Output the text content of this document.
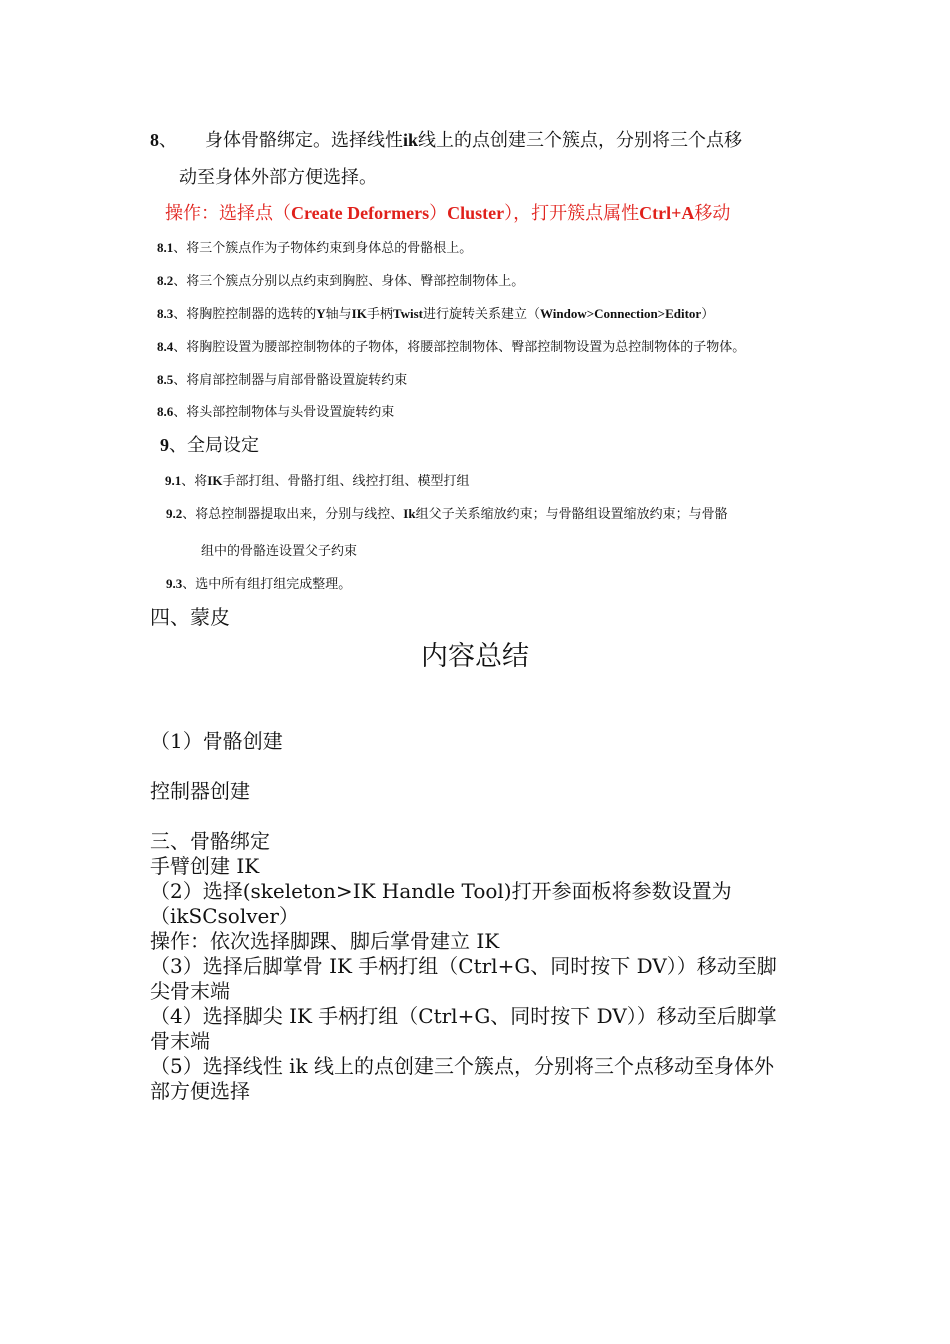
8、 身体骨骼绑定。选择线性ik线上的点创建三个簇点，分别将三个点移
动至身体外部方便选择。
操作：选择点（Create Deformers）Cluster），打开簇点属性Ctrl+A移动
8.1、将三个簇点作为子物体约束到身体总的骨骼根上。
8.2、将三个簇点分别以点约束到胸腔、身体、臀部控制物体上。
8.3、将胸腔控制器的选转的Y轴与IK手柄Twist进行旋转关系建立（Window>Connection>Editor）
8.4、将胸腔设置为腰部控制物体的子物体，将腰部控制物体、臀部控制物设置为总控制物体的子物体。
8.5、将肩部控制器与肩部骨骼设置旋转约束
8.6、将头部控制物体与头骨设置旋转约束
9、全局设定
9.1、将IK手部打组、骨骼打组、线控打组、模型打组
9.2、将总控制器提取出来，分别与线控、Ik组父子关系缩放约束；与骨骼组设置缩放约束；与骨骼
组中的骨骼连设置父子约束
9.3、选中所有组打组完成整理。
四、蒙皮
内容总结
（1）骨骼创建
控制器创建
三、骨骼绑定
手臂创建 IK
（2）选择(skeleton>IK Handle Tool)打开参面板将参数设置为
（ikSCsolver）
操作：依次选择脚踝、脚后掌骨建立 IK
（3）选择后脚掌骨 IK 手柄打组（Ctrl+G、同时按下 DV））移动至脚
尖骨末端
（4）选择脚尖 IK 手柄打组（Ctrl+G、同时按下 DV））移动至后脚掌
骨末端
（5）选择线性 ik 线上的点创建三个簇点，分别将三个点移动至身体外
部方便选择
